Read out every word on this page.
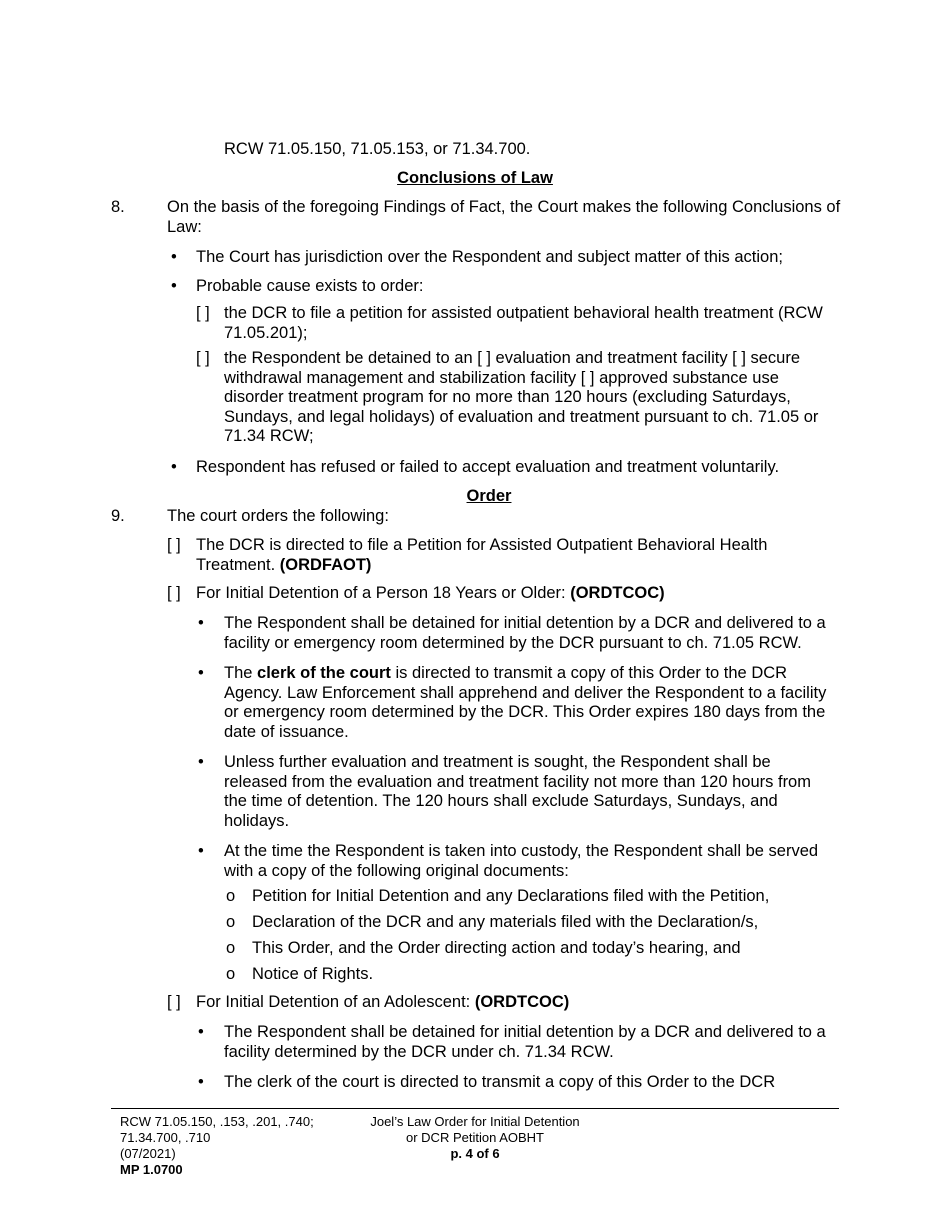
RCW 71.05.150, 71.05.153, or 71.34.700.
Conclusions of Law
8.	On the basis of the foregoing Findings of Fact, the Court makes the following Conclusions of Law:
• The Court has jurisdiction over the Respondent and subject matter of this action;
• Probable cause exists to order:
[ ] the DCR to file a petition for assisted outpatient behavioral health treatment (RCW 71.05.201);
[ ] the Respondent be detained to an [ ] evaluation and treatment facility [ ] secure withdrawal management and stabilization facility [ ] approved substance use disorder treatment program for no more than 120 hours (excluding Saturdays, Sundays, and legal holidays) of evaluation and treatment pursuant to ch. 71.05 or 71.34 RCW;
• Respondent has refused or failed to accept evaluation and treatment voluntarily.
Order
9.	The court orders the following:
[ ] The DCR is directed to file a Petition for Assisted Outpatient Behavioral Health Treatment. (ORDFAOT)
[ ] For Initial Detention of a Person 18 Years or Older: (ORDTCOC)
• The Respondent shall be detained for initial detention by a DCR and delivered to a facility or emergency room determined by the DCR pursuant to ch. 71.05 RCW.
• The clerk of the court is directed to transmit a copy of this Order to the DCR Agency. Law Enforcement shall apprehend and deliver the Respondent to a facility or emergency room determined by the DCR. This Order expires 180 days from the date of issuance.
• Unless further evaluation and treatment is sought, the Respondent shall be released from the evaluation and treatment facility not more than 120 hours from the time of detention. The 120 hours shall exclude Saturdays, Sundays, and holidays.
• At the time the Respondent is taken into custody, the Respondent shall be served with a copy of the following original documents:
o Petition for Initial Detention and any Declarations filed with the Petition,
o Declaration of the DCR and any materials filed with the Declaration/s,
o This Order, and the Order directing action and today’s hearing, and
o Notice of Rights.
[ ] For Initial Detention of an Adolescent: (ORDTCOC)
• The Respondent shall be detained for initial detention by a DCR and delivered to a facility determined by the DCR under ch. 71.34 RCW.
• The clerk of the court is directed to transmit a copy of this Order to the DCR
RCW 71.05.150, .153, .201, .740;
71.34.700, .710
(07/2021)
MP 1.0700
Joel’s Law Order for Initial Detention
or DCR Petition AOBHT
p. 4 of 6
